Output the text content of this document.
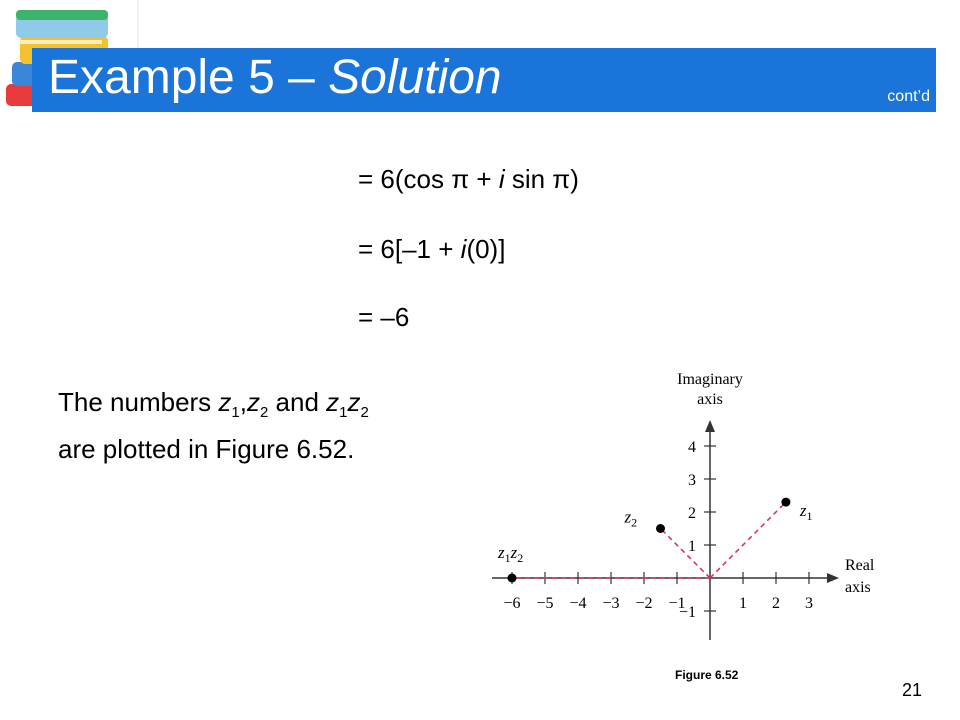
Example 5 – Solution	cont’d
= 6(cos π + i sin π)
= 6[–1 + i(0)]
= –6
The numbers $z_1,z_2$ and $z_1z_2$
are plotted in Figure 6.52.
−6 −5 −4 −3 −2 −1	1 2 3
4
3
2
1
−1
Imaginary
axis
Real
axis
$z_1$
$z_2$
$z_1z_2$
Figure 6.52
21
